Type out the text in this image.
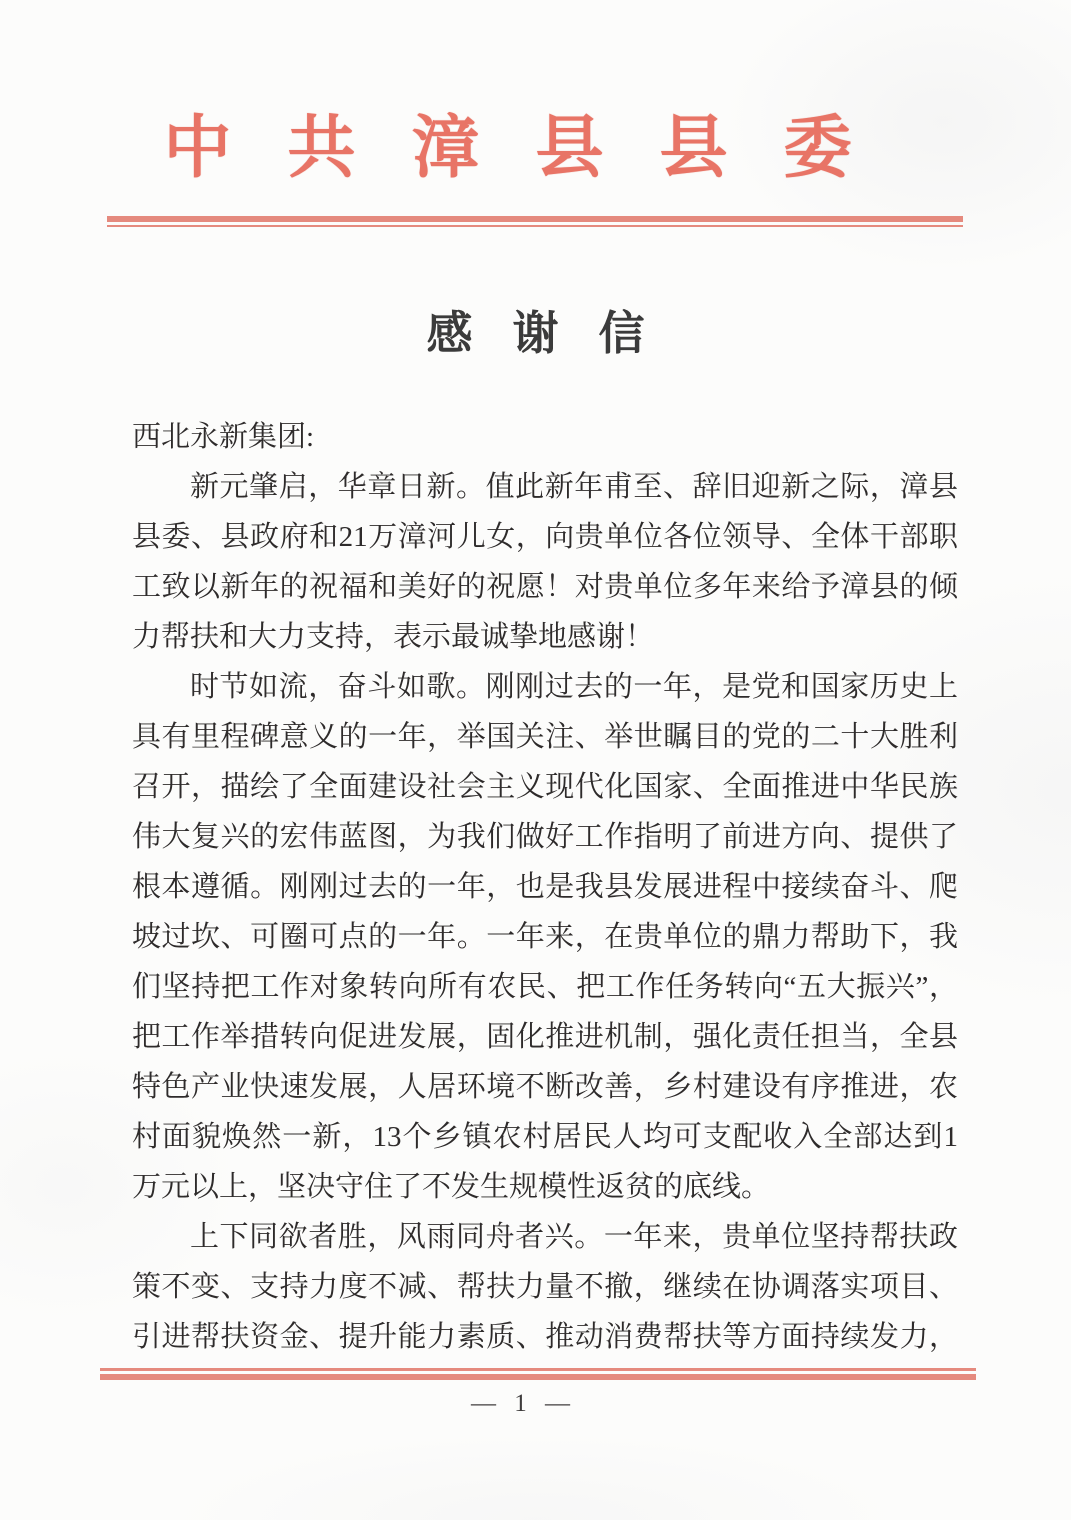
中共漳县县委
感谢信
西北永新集团:
新元肇启，华章日新。值此新年甫至、辞旧迎新之际，漳县
县委、县政府和21万漳河儿女，向贵单位各位领导、全体干部职
工致以新年的祝福和美好的祝愿！对贵单位多年来给予漳县的倾
力帮扶和大力支持，表示最诚挚地感谢！
时节如流，奋斗如歌。刚刚过去的一年，是党和国家历史上
具有里程碑意义的一年，举国关注、举世瞩目的党的二十大胜利
召开，描绘了全面建设社会主义现代化国家、全面推进中华民族
伟大复兴的宏伟蓝图，为我们做好工作指明了前进方向、提供了
根本遵循。刚刚过去的一年，也是我县发展进程中接续奋斗、爬
坡过坎、可圈可点的一年。一年来，在贵单位的鼎力帮助下，我
们坚持把工作对象转向所有农民、把工作任务转向“五大振兴”，
把工作举措转向促进发展，固化推进机制，强化责任担当，全县
特色产业快速发展，人居环境不断改善，乡村建设有序推进，农
村面貌焕然一新，13个乡镇农村居民人均可支配收入全部达到1
万元以上，坚决守住了不发生规模性返贫的底线。
上下同欲者胜，风雨同舟者兴。一年来，贵单位坚持帮扶政
策不变、支持力度不减、帮扶力量不撤，继续在协调落实项目、
引进帮扶资金、提升能力素质、推动消费帮扶等方面持续发力，
— 1 —
